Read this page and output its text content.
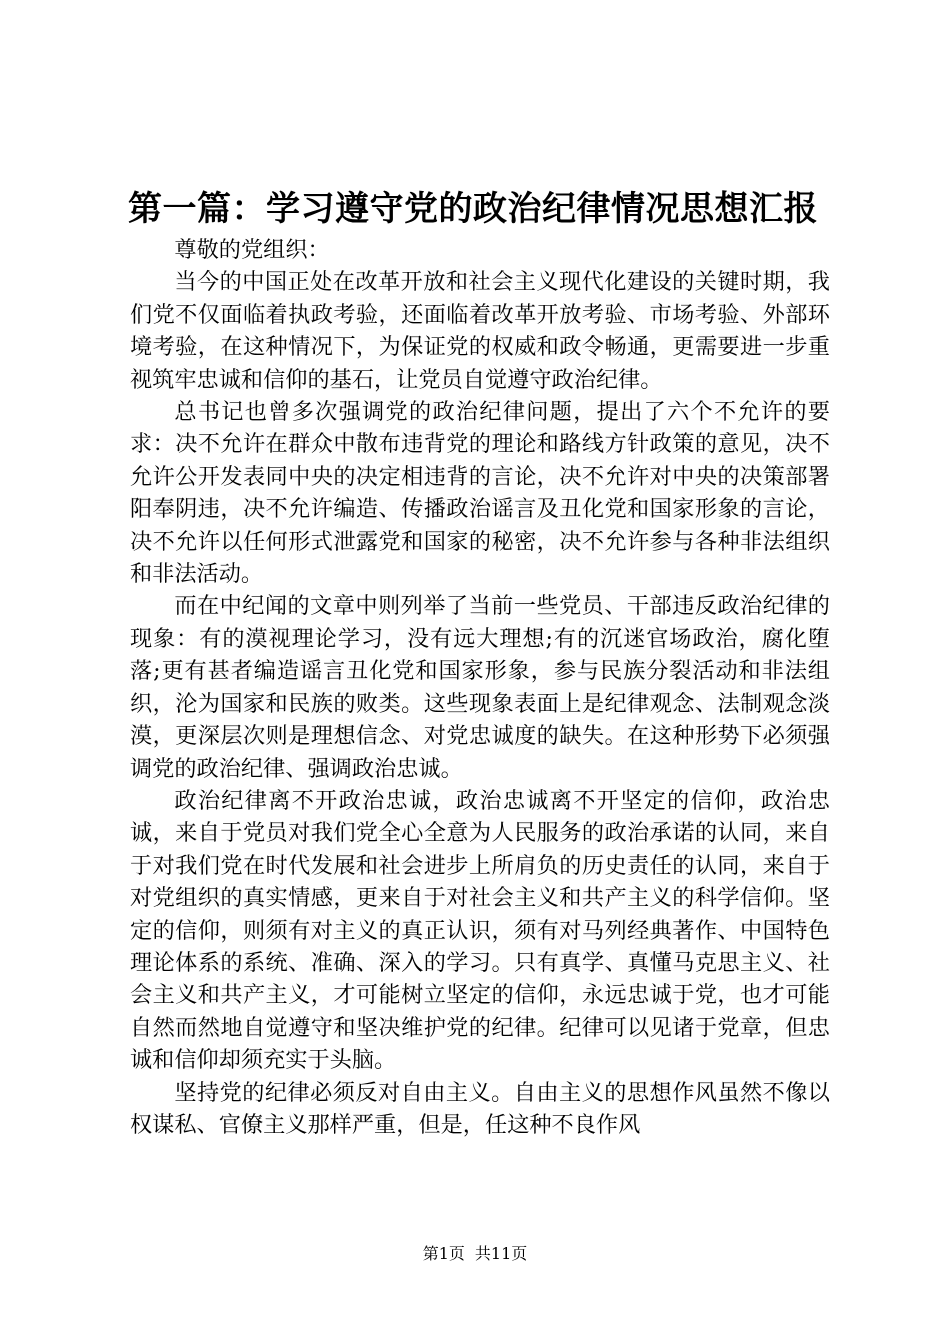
第一篇：学习遵守党的政治纪律情况思想汇报

尊敬的党组织：

当今的中国正处在改革开放和社会主义现代化建设的关键时期，我们党不仅面临着执政考验，还面临着改革开放考验、市场考验、外部环境考验，在这种情况下，为保证党的权威和政令畅通，更需要进一步重视筑牢忠诚和信仰的基石，让党员自觉遵守政治纪律。

总书记也曾多次强调党的政治纪律问题，提出了六个不允许的要求：决不允许在群众中散布违背党的理论和路线方针政策的意见，决不允许公开发表同中央的决定相违背的言论，决不允许对中央的决策部署阳奉阴违，决不允许编造、传播政治谣言及丑化党和国家形象的言论，决不允许以任何形式泄露党和国家的秘密，决不允许参与各种非法组织和非法活动。

而在中纪闻的文章中则列举了当前一些党员、干部违反政治纪律的现象：有的漠视理论学习，没有远大理想;有的沉迷官场政治，腐化堕落;更有甚者编造谣言丑化党和国家形象，参与民族分裂活动和非法组织，沦为国家和民族的败类。这些现象表面上是纪律观念、法制观念淡漠，更深层次则是理想信念、对党忠诚度的缺失。在这种形势下必须强调党的政治纪律、强调政治忠诚。

政治纪律离不开政治忠诚，政治忠诚离不开坚定的信仰，政治忠诚，来自于党员对我们党全心全意为人民服务的政治承诺的认同，来自于对我们党在时代发展和社会进步上所肩负的历史责任的认同，来自于对党组织的真实情感，更来自于对社会主义和共产主义的科学信仰。坚定的信仰，则须有对主义的真正认识，须有对马列经典著作、中国特色理论体系的系统、准确、深入的学习。只有真学、真懂马克思主义、社会主义和共产主义，才可能树立坚定的信仰，永远忠诚于党，也才可能自然而然地自觉遵守和坚决维护党的纪律。纪律可以见诸于党章，但忠诚和信仰却须充实于头脑。

坚持党的纪律必须反对自由主义。自由主义的思想作风虽然不像以权谋私、官僚主义那样严重，但是，任这种不良作风

第1页 共11页
